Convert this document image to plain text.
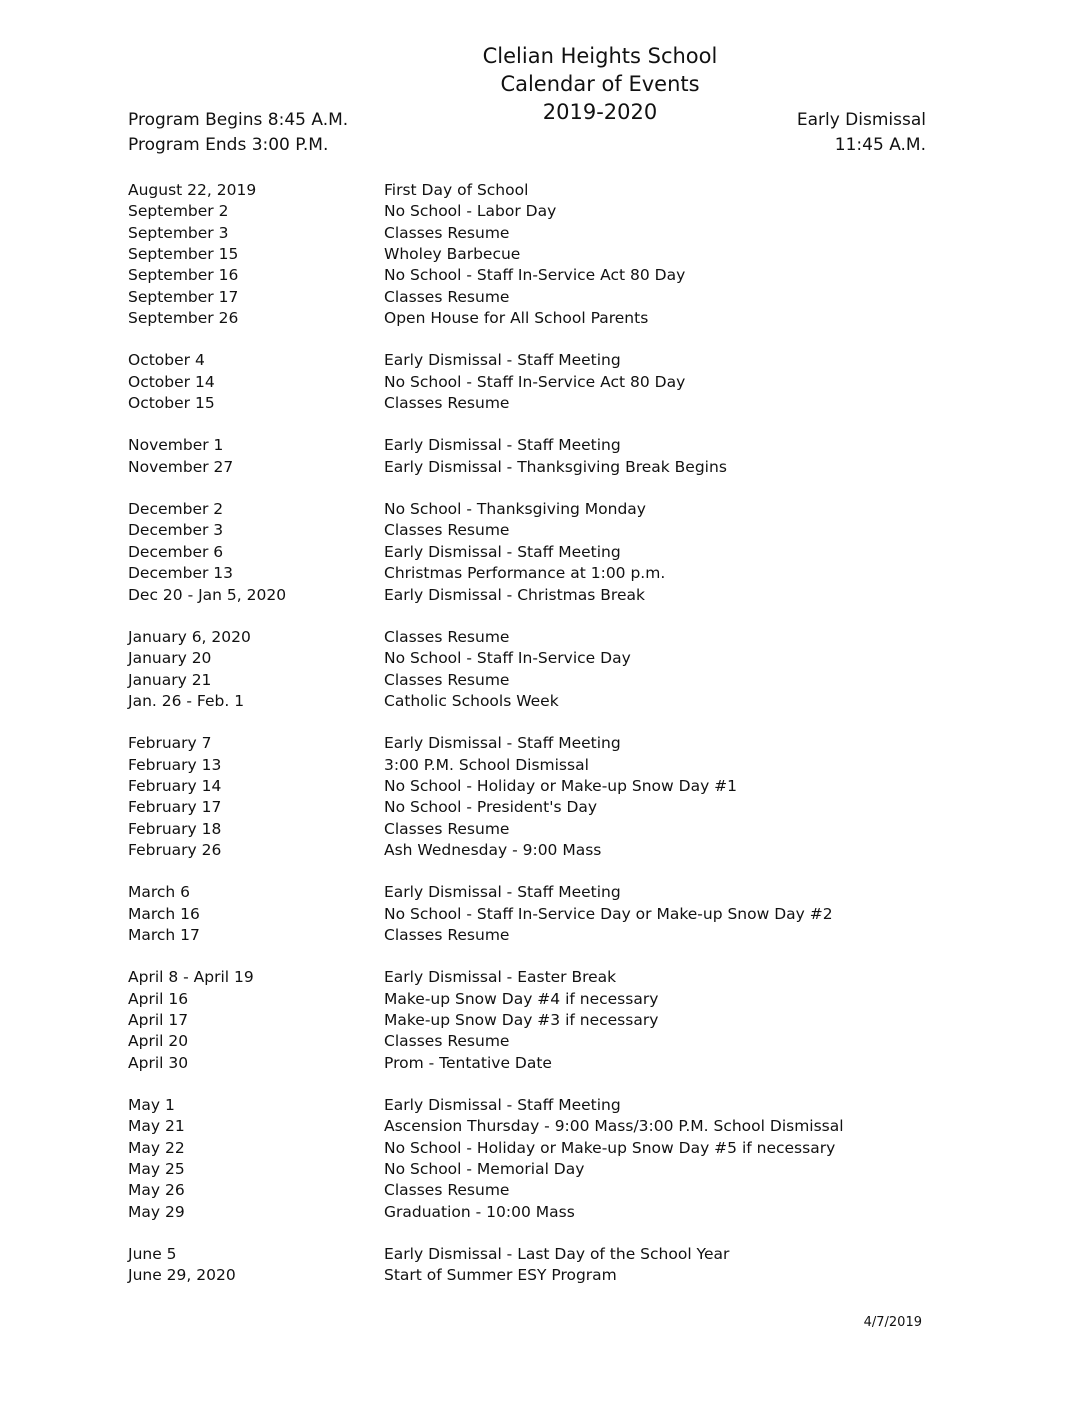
Clelian Heights School
Calendar of Events
2019-2020
Program Begins 8:45 A.M.
Program Ends 3:00 P.M.
Early Dismissal
11:45 A.M.
August 22, 2019	First Day of School
September 2	No School - Labor Day
September 3	Classes Resume
September 15	Wholey Barbecue
September 16	No School - Staff In-Service Act 80 Day
September 17	Classes Resume
September 26	Open House for All School Parents
October 4	Early Dismissal - Staff Meeting
October 14	No School - Staff In-Service Act 80 Day
October 15	Classes Resume
November 1	Early Dismissal - Staff Meeting
November 27	Early Dismissal - Thanksgiving Break Begins
December 2	No School - Thanksgiving Monday
December 3	Classes Resume
December 6	Early Dismissal - Staff Meeting
December 13	Christmas Performance at 1:00 p.m.
Dec 20 - Jan 5, 2020	Early Dismissal - Christmas Break
January 6, 2020	Classes Resume
January 20	No School - Staff In-Service Day
January 21	Classes Resume
Jan. 26 - Feb. 1	Catholic Schools Week
February 7	Early Dismissal - Staff Meeting
February 13	3:00 P.M. School Dismissal
February 14	No School - Holiday or Make-up Snow Day #1
February 17	No School - President's Day
February 18	Classes Resume
February 26	Ash Wednesday - 9:00 Mass
March 6	Early Dismissal - Staff Meeting
March 16	No School - Staff In-Service Day or Make-up Snow Day #2
March 17	Classes Resume
April 8 - April 19	Early Dismissal - Easter Break
April 16	Make-up Snow Day #4 if necessary
April 17	Make-up Snow Day #3 if necessary
April 20	Classes Resume
April 30	Prom - Tentative Date
May 1	Early Dismissal - Staff Meeting
May 21	Ascension Thursday - 9:00 Mass/3:00 P.M. School Dismissal
May 22	No School - Holiday or Make-up Snow Day #5 if necessary
May 25	No School - Memorial Day
May 26	Classes Resume
May 29	Graduation - 10:00 Mass
June 5	Early Dismissal - Last Day of the School Year
June 29, 2020	Start of Summer ESY Program
4/7/2019
